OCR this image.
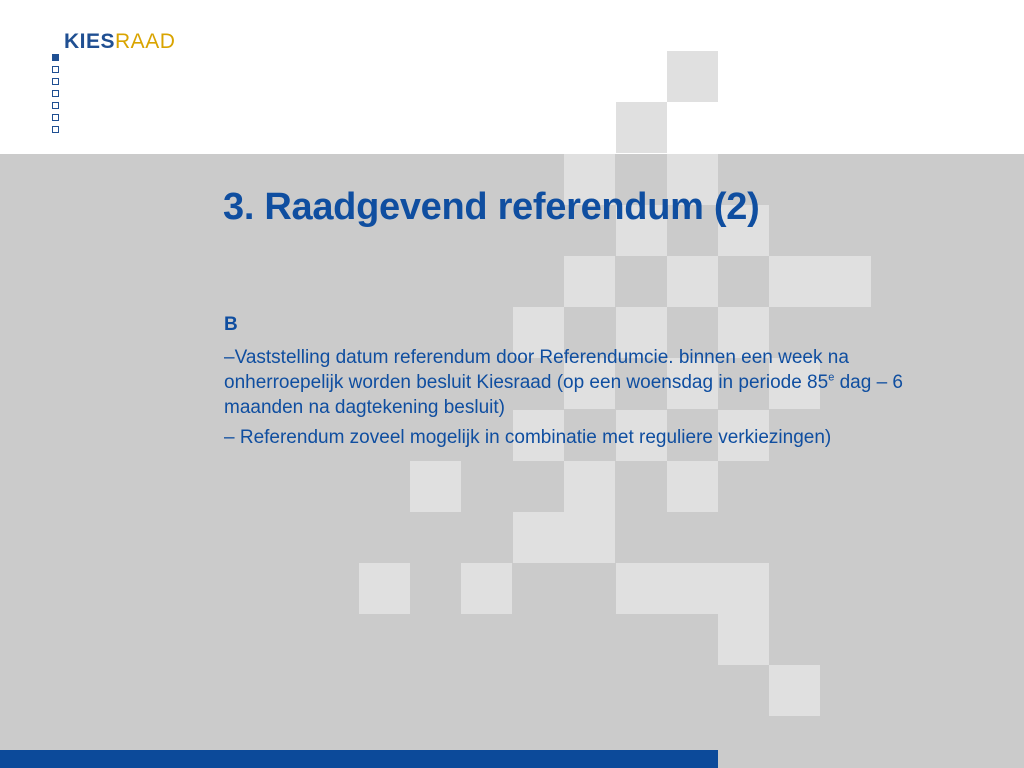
KIESRAAD
3. Raadgevend referendum (2)

B

–Vaststelling datum referendum door Referendumcie. binnen een week na onherroepelijk worden besluit Kiesraad (op een woensdag in periode 85e dag – 6 maanden na dagtekening besluit)

– Referendum zoveel mogelijk in combinatie met reguliere verkiezingen)
